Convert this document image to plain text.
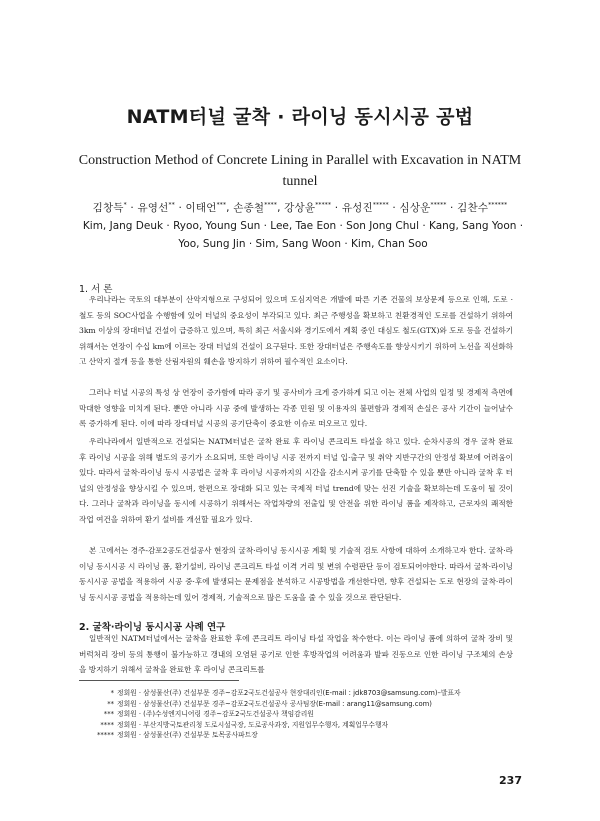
NATM터널 굴착 · 라이닝 동시시공 공법
Construction Method of Concrete Lining in Parallel with Excavation in NATM tunnel
김창득* · 유영선** · 이태언***, 손종철****, 강상윤***** · 유성진***** · 심상운***** · 김찬수******
Kim, Jang Deuk · Ryoo, Young Sun · Lee, Tae Eon · Son Jong Chul · Kang, Sang Yoon · Yoo, Sung Jin · Sim, Sang Woon · Kim, Chan Soo
1. 서 론

우리나라는 국토의 대부분이 산악지형으로 구성되어 있으며 도심지역은 개발에 따른 기존 건물의 보상문제 등으로 인해, 도로 · 철도 등의 SOC사업을 수행함에 있어 터널의 중요성이 부각되고 있다. 최근 주행성을 확보하고 친환경적인 도로를 건설하기 위하여 3km 이상의 장대터널 건설이 급증하고 있으며, 특히 최근 서울시와 경기도에서 계획 중인 대심도 철도(GTX)와 도로 등을 건설하기 위해서는 연장이 수십 km에 이르는 장대 터널의 건설이 요구된다. 또한 장대터널은 주행속도를 향상시키기 위하여 노선을 직선화하고 산악지 절개 등을 통한 산림자원의 훼손을 방지하기 위하여 필수적인 요소이다.

그러나 터널 시공의 특성 상 연장이 증가함에 따라 공기 및 공사비가 크게 증가하게 되고 이는 전체 사업의 일정 및 경제적 측면에 막대한 영향을 미치게 된다. 뿐만 아니라 시공 중에 발생하는 각종 민원 및 이용자의 불편함과 경제적 손실은 공사 기간이 늘어날수록 증가하게 된다. 이에 따라 장대터널 시공의 공기단축이 중요한 이슈로 떠오르고 있다.

우리나라에서 일반적으로 건설되는 NATM터널은 굴착 완료 후 라이닝 콘크리트 타설을 하고 있다. 순차시공의 경우 굴착 완료 후 라이닝 시공을 위해 별도의 공기가 소요되며, 또한 라이닝 시공 전까지 터널 입·출구 및 취약 지반구간의 안정성 확보에 어려움이 있다. 따라서 굴착·라이닝 동시 시공법은 굴착 후 라이닝 시공까지의 시간을 감소시켜 공기를 단축할 수 있을 뿐만 아니라 굴착 후 터널의 안정성을 향상시킬 수 있으며, 한편으로 장대화 되고 있는 국제적 터널 trend에 맞는 선진 기술을 확보하는데 도움이 될 것이다. 그러나 굴착과 라이닝을 동시에 시공하기 위해서는 작업차량의 전출입 및 안전을 위한 라이닝 폼을 제작하고, 근로자의 쾌적한 작업 여건을 위하여 환기 설비를 개선할 필요가 있다.

본 고에서는 경주-감포2공도건설공사 현장의 굴착·라이닝 동시시공 계획 및 기술적 검토 사항에 대하여 소개하고자 한다. 굴착·라이닝 동시시공 시 라이닝 폼, 환기설비, 라이닝 콘크리트 타설 이격 거리 및 변위 수렴판단 등이 검토되어야한다. 따라서 굴착·라이닝 동시시공 공법을 적용하여 시공 중·후에 발생되는 문제점을 분석하고 시공방법을 개선한다면, 향후 건설되는 도로 현장의 굴착·라이닝 동시시공 공법을 적용하는데 있어 경제적, 기술적으로 많은 도움을 줄 수 있을 것으로 판단된다.

2. 굴착·라이닝 동시시공 사례 연구

일반적인 NATM터널에서는 굴착을 완료한 후에 콘크리트 라이닝 타설 작업을 착수한다. 이는 라이닝 폼에 의하여 굴착 장비 및 버럭처리 장비 등의 통행이 불가능하고 갱내의 오염된 공기로 인한 후방작업의 어려움과 발파 진동으로 인한 라이닝 구조체의 손상을 방지하기 위해서 굴착을 완료한 후 라이닝 콘크리트를

* 정회원 · 삼성물산(주) 건설부문 경주~감포2국도건설공사 현장대리인(E-mail : jdk8703@samsung.com)–발표자
** 정회원 · 삼성물산(주) 건설부문 경주~감포2국도건설공사 공사팀장(E-mail : arang11@samsung.com)
*** 정회원 · (주)수성엔지니어링 경주~감포2국도건설공사 책임감리원
**** 정회원 · 부산지방국토관리청 도로시설국장, 도로공사과장, 지원업무수행자, 계획업무수행자
***** 정회원 · 삼성물산(주) 건설부문 토목공사파트장
237
